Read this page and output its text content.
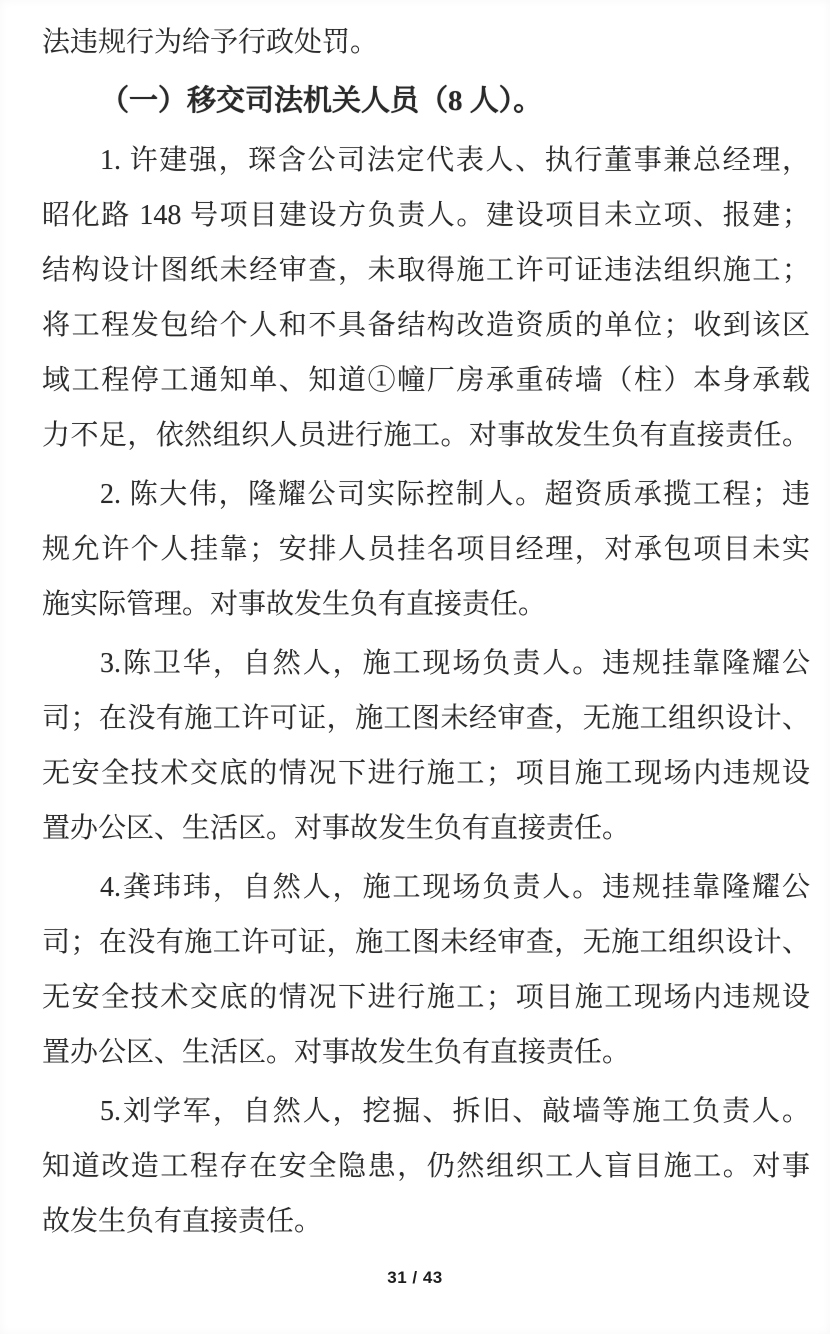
法违规行为给予行政处罚。
（一）移交司法机关人员（8 人）。
1. 许建强，琛含公司法定代表人、执行董事兼总经理，
昭化路 148 号项目建设方负责人。建设项目未立项、报建；
结构设计图纸未经审查，未取得施工许可证违法组织施工；
将工程发包给个人和不具备结构改造资质的单位；收到该区
域工程停工通知单、知道①幢厂房承重砖墙（柱）本身承载
力不足，依然组织人员进行施工。对事故发生负有直接责任。
2. 陈大伟，隆耀公司实际控制人。超资质承揽工程；违
规允许个人挂靠；安排人员挂名项目经理，对承包项目未实
施实际管理。对事故发生负有直接责任。
3.陈卫华，自然人，施工现场负责人。违规挂靠隆耀公
司；在没有施工许可证，施工图未经审查，无施工组织设计、
无安全技术交底的情况下进行施工；项目施工现场内违规设
置办公区、生活区。对事故发生负有直接责任。
4.龚玮玮，自然人，施工现场负责人。违规挂靠隆耀公
司；在没有施工许可证，施工图未经审查，无施工组织设计、
无安全技术交底的情况下进行施工；项目施工现场内违规设
置办公区、生活区。对事故发生负有直接责任。
5.刘学军，自然人，挖掘、拆旧、敲墙等施工负责人。
知道改造工程存在安全隐患，仍然组织工人盲目施工。对事
故发生负有直接责任。
31 / 43
